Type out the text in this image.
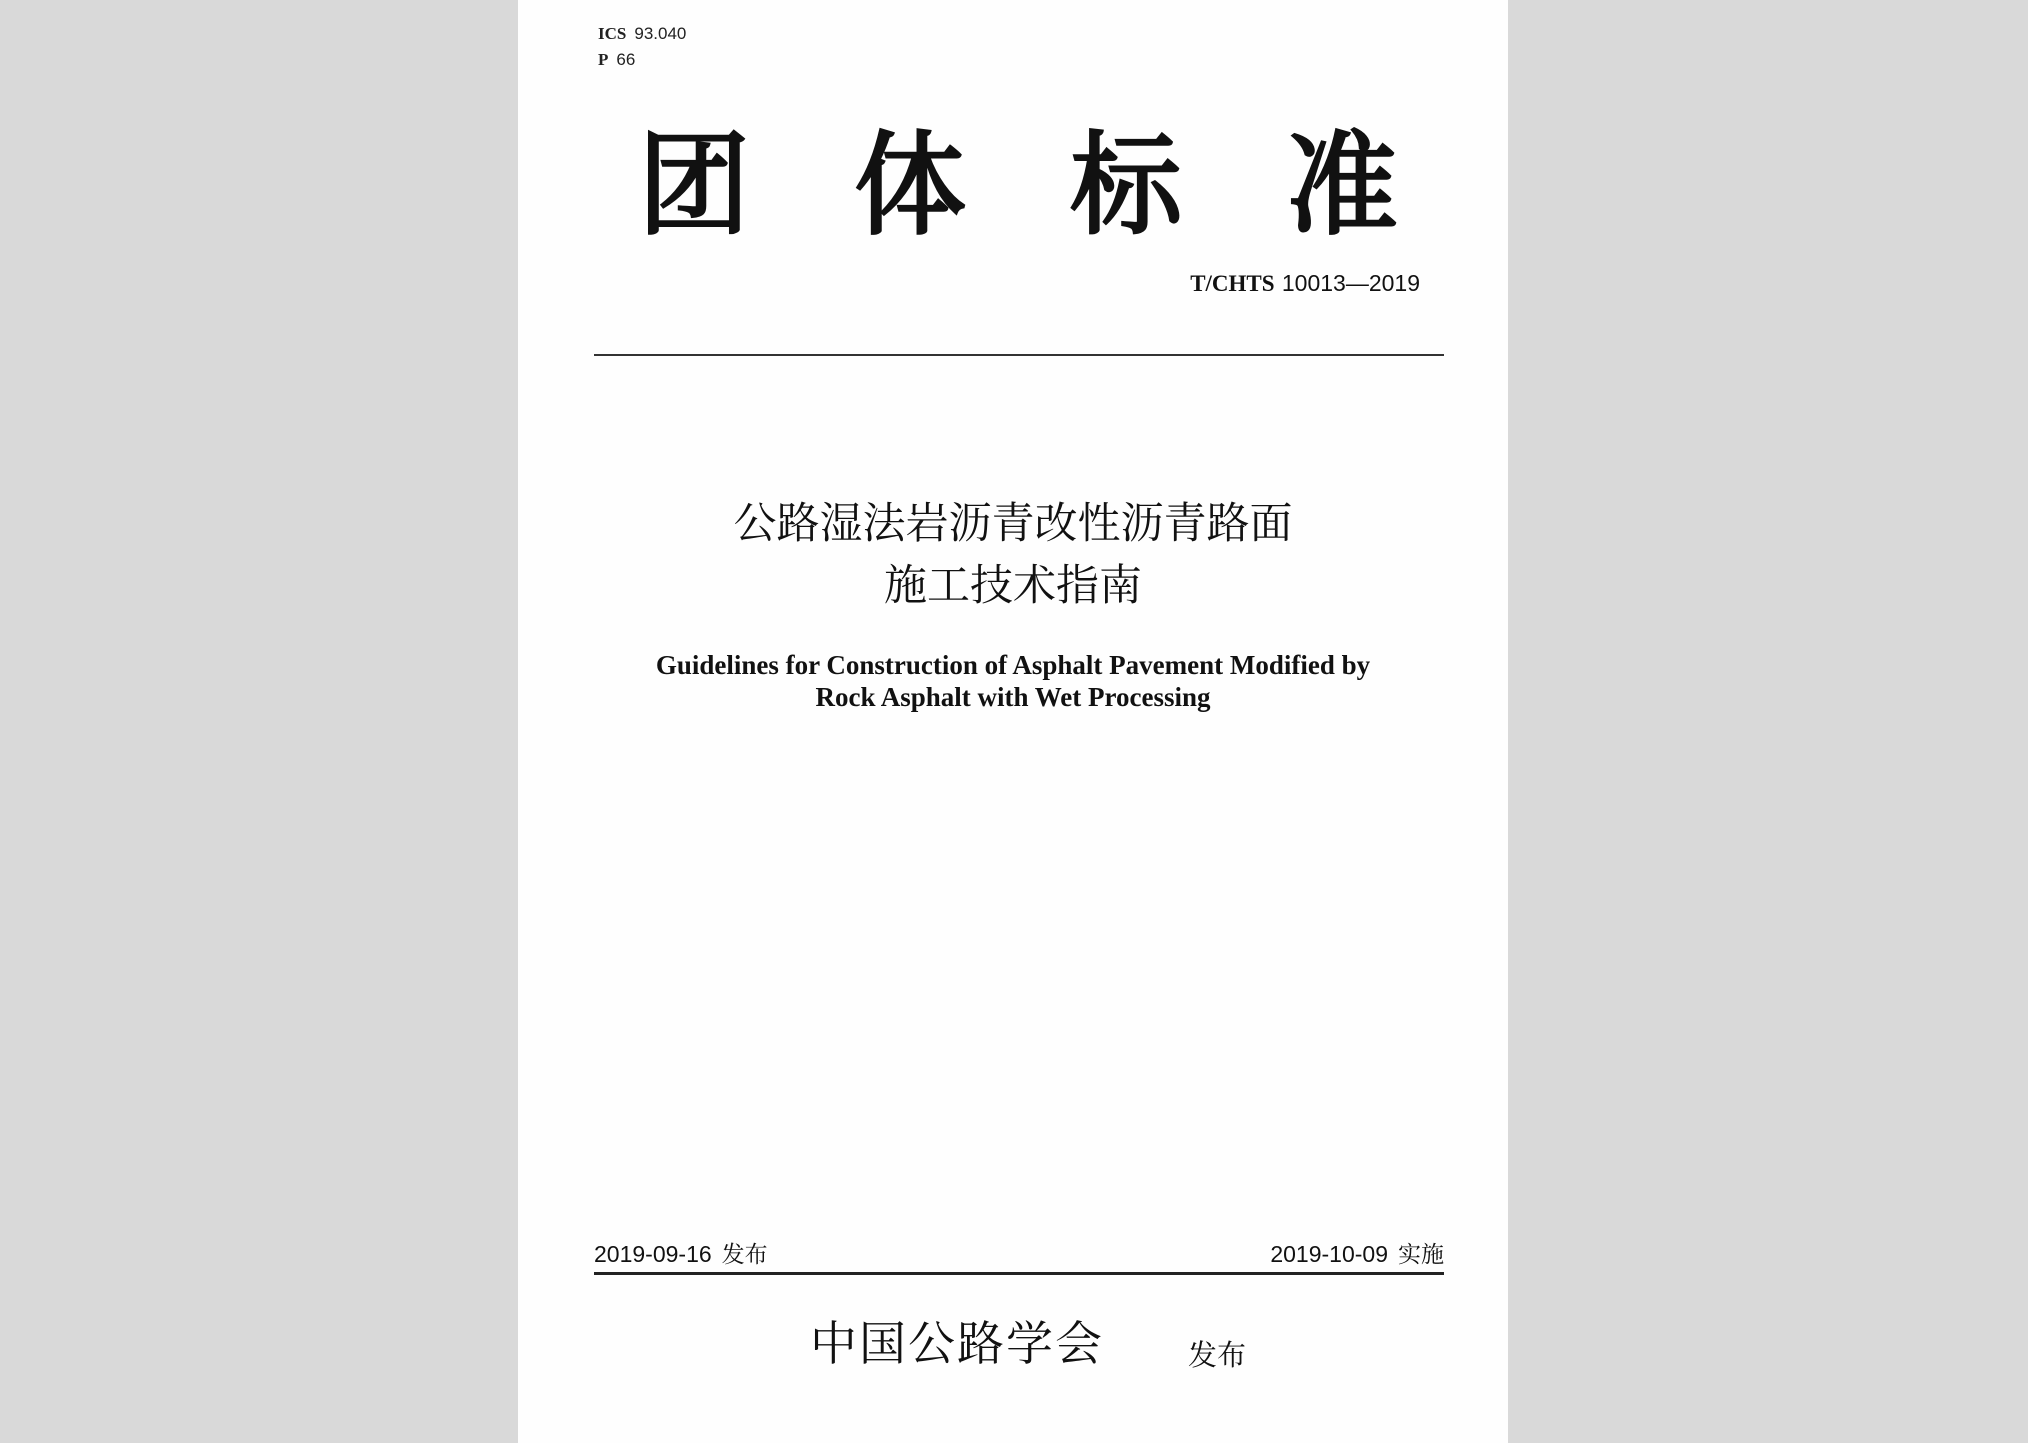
ICS 93.040
P 66
团体标准
T/CHTS 10013—2019
公路湿法岩沥青改性沥青路面
施工技术指南
Guidelines for Construction of Asphalt Pavement Modified by
Rock Asphalt with Wet Processing
2019-09-16 发布	2019-10-09 实施
中国公路学会	发布
